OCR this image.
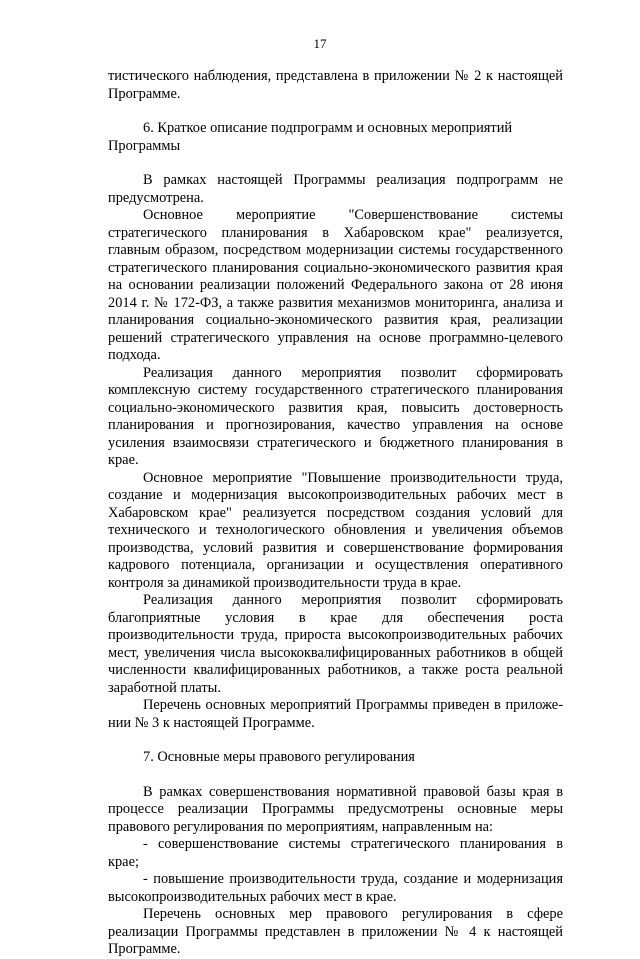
17

тистического наблюдения, представлена в приложении № 2 к настоящей Программе.

6. Краткое описание подпрограмм и основных мероприятий Программы

В рамках настоящей Программы реализация подпрограмм не предусмотрена.

Основное мероприятие "Совершенствование системы стратегического планирования в Хабаровском крае" реализуется, главным образом, посредством модернизации системы государственного стратегического планирования социально-экономического развития края на основании реализации положений Федерального закона от 28 июня 2014 г. № 172-ФЗ, а также развития механизмов мониторинга, анализа и планирования социально-экономического развития края, реализации решений стратегического управления на основе программно-целевого подхода.

Реализация данного мероприятия позволит сформировать комплексную систему государственного стратегического планирования социально-экономического развития края, повысить достоверность планирования и прогнозирования, качество управления на основе усиления взаимосвязи стратегического и бюджетного планирования в крае.

Основное мероприятие "Повышение производительности труда, создание и модернизация высокопроизводительных рабочих мест в Хабаровском крае" реализуется посредством создания условий для технического и технологического обновления и увеличения объемов производства, условий развития и совершенствование формирования кадрового потенциала, организации и осуществления оперативного контроля за динамикой производительности труда в крае.

Реализация данного мероприятия позволит сформировать благоприятные условия в крае для обеспечения роста производительности труда, прироста высокопроизводительных рабочих мест, увеличения числа высококвалифицированных работников в общей численности квалифицированных работников, а также роста реальной заработной платы.

Перечень основных мероприятий Программы приведен в приложении № 3 к настоящей Программе.

7. Основные меры правового регулирования

В рамках совершенствования нормативной правовой базы края в процессе реализации Программы предусмотрены основные меры правового регулирования по мероприятиям, направленным на:

- совершенствование системы стратегического планирования в крае;

- повышение производительности труда, создание и модернизация высокопроизводительных рабочих мест в крае.

Перечень основных мер правового регулирования в сфере реализации Программы представлен в приложении № 4 к настоящей Программе.
